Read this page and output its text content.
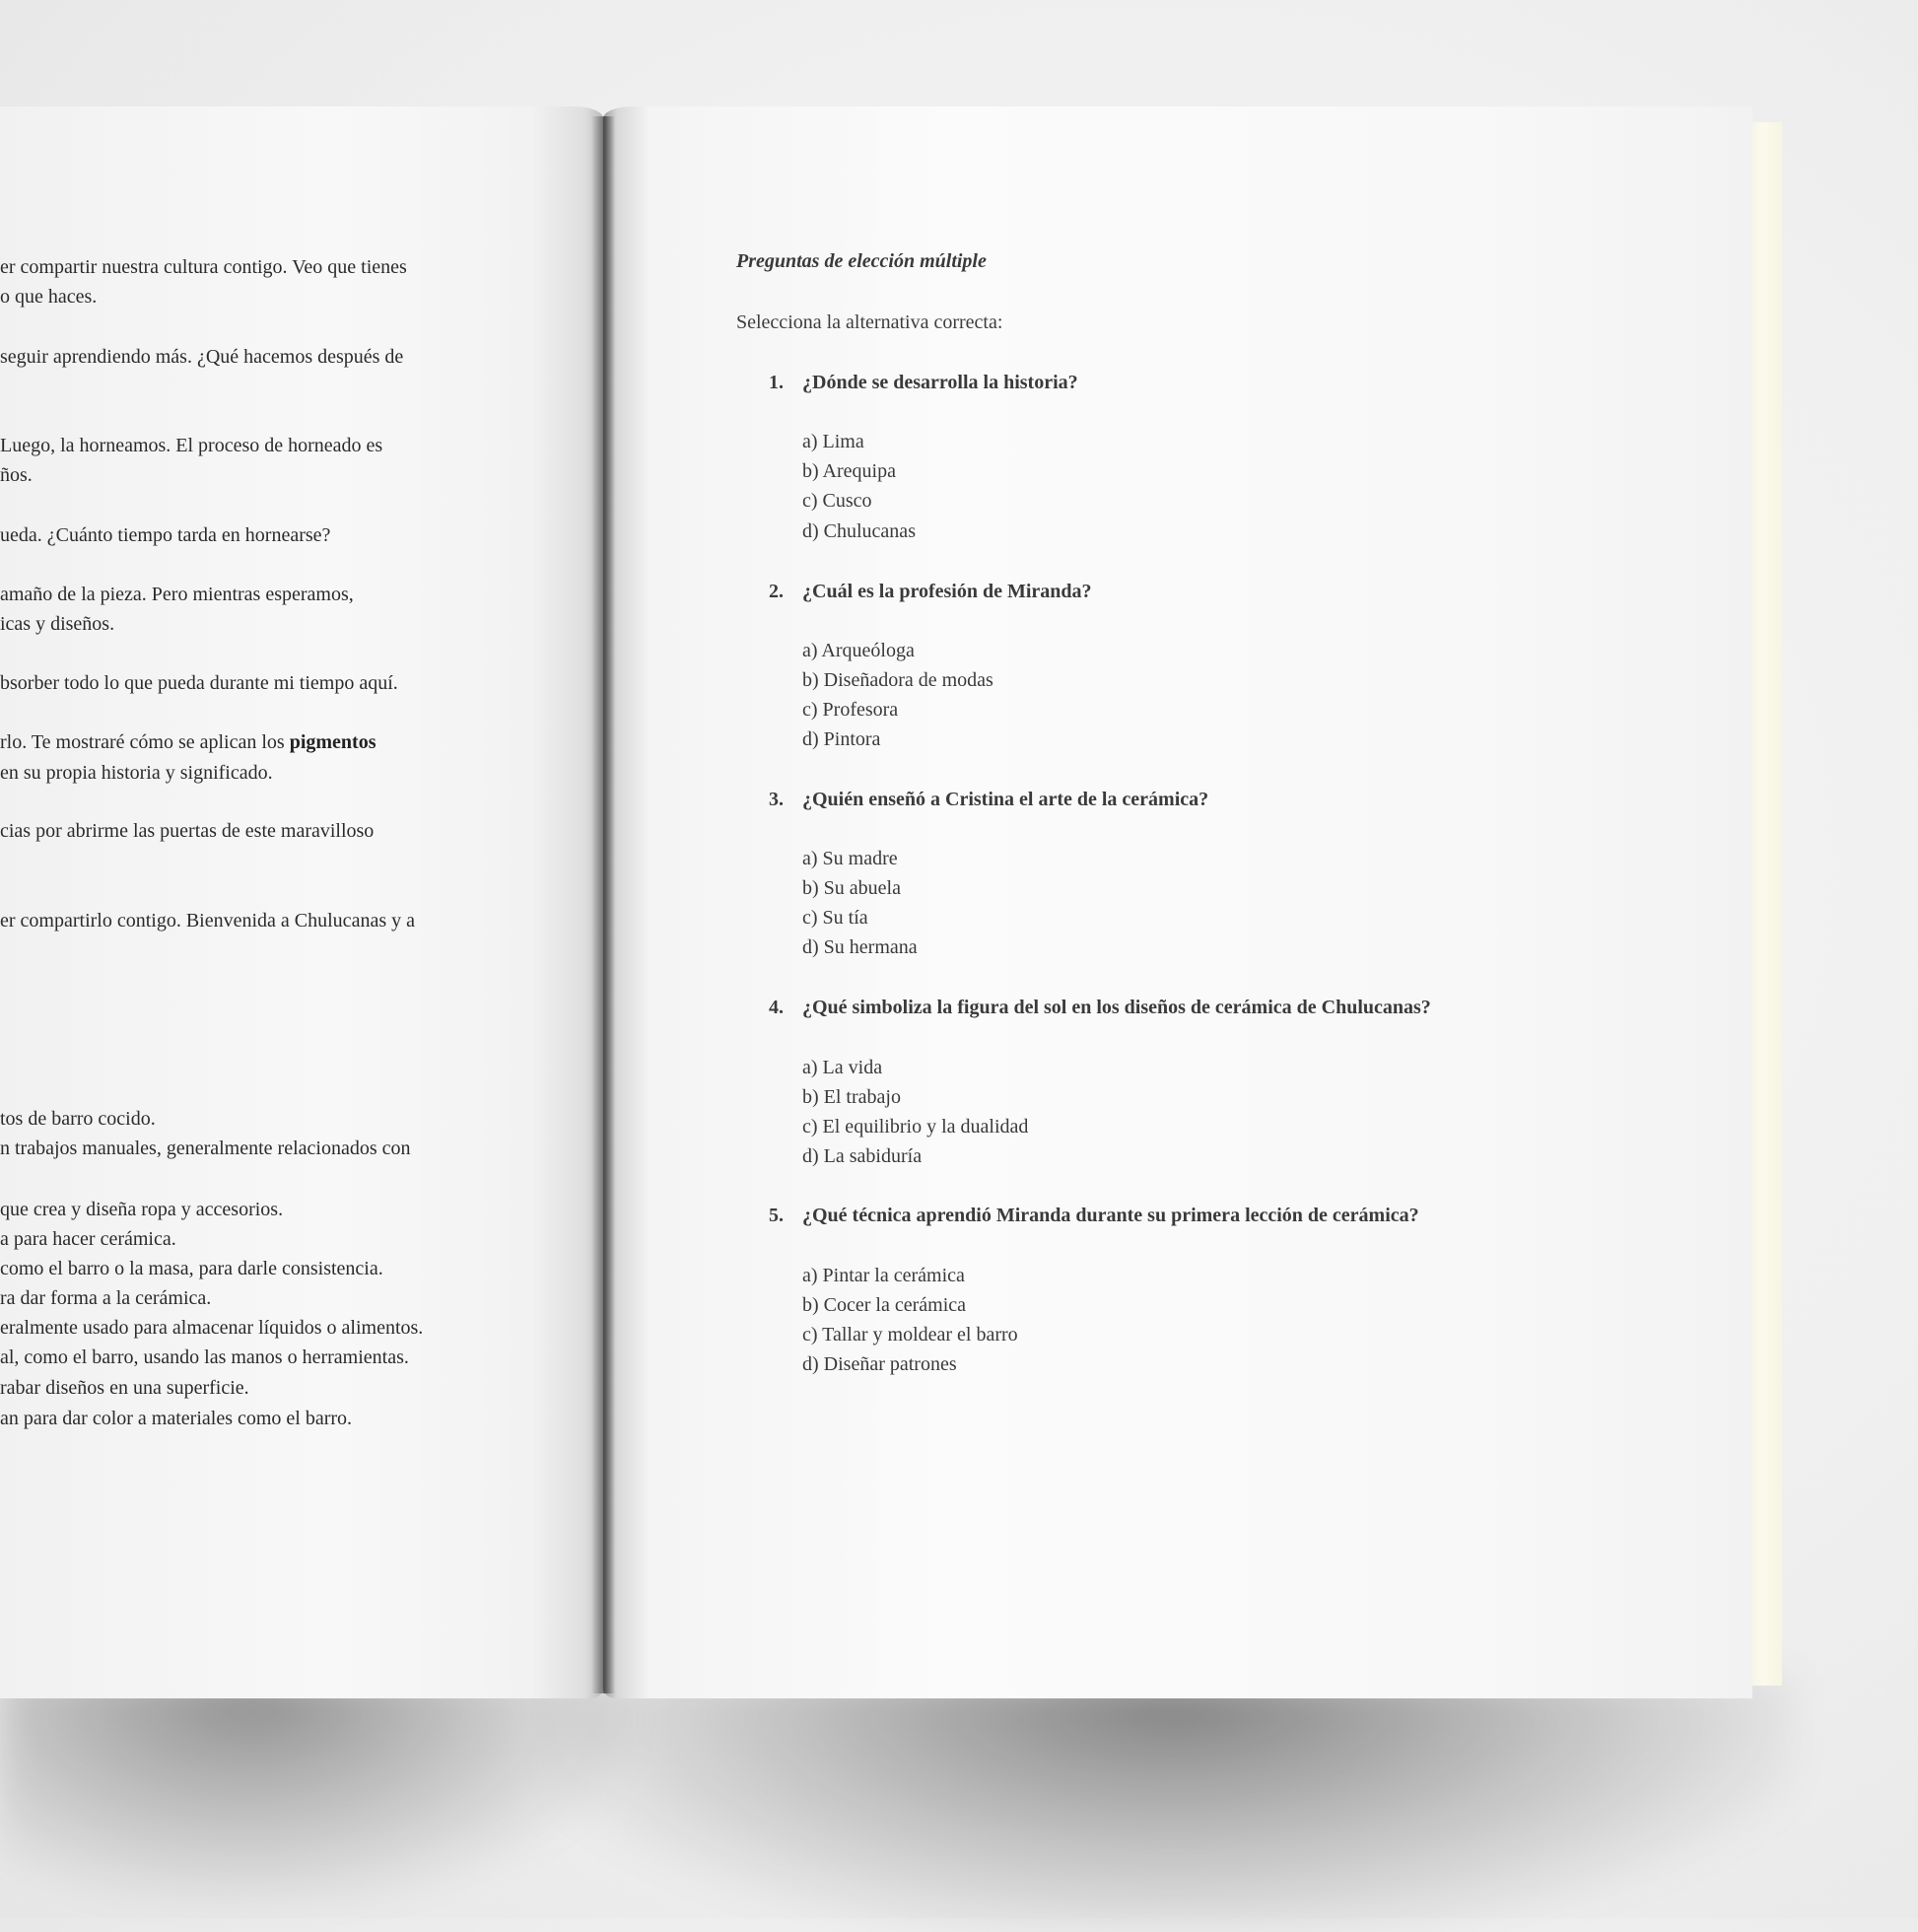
er compartir nuestra cultura contigo. Veo que tienes
o que haces.
seguir aprendiendo más. ¿Qué hacemos después de
Luego, la horneamos. El proceso de horneado es
ños.
ueda. ¿Cuánto tiempo tarda en hornearse?
amaño de la pieza. Pero mientras esperamos,
icas y diseños.
bsorber todo lo que pueda durante mi tiempo aquí.
rlo. Te mostraré cómo se aplican los pigmentos
en su propia historia y significado.
cias por abrirme las puertas de este maravilloso
er compartirlo contigo. Bienvenida a Chulucanas y a
tos de barro cocido.
n trabajos manuales, generalmente relacionados con
que crea y diseña ropa y accesorios.
a para hacer cerámica.
como el barro o la masa, para darle consistencia.
ra dar forma a la cerámica.
eralmente usado para almacenar líquidos o alimentos.
al, como el barro, usando las manos o herramientas.
rabar diseños en una superficie.
an para dar color a materiales como el barro.
Preguntas de elección múltiple
Selecciona la alternativa correcta:
1. ¿Dónde se desarrolla la historia?
a) Lima
b) Arequipa
c) Cusco
d) Chulucanas
2. ¿Cuál es la profesión de Miranda?
a) Arqueóloga
b) Diseñadora de modas
c) Profesora
d) Pintora
3. ¿Quién enseñó a Cristina el arte de la cerámica?
a) Su madre
b) Su abuela
c) Su tía
d) Su hermana
4. ¿Qué simboliza la figura del sol en los diseños de cerámica de Chulucanas?
a) La vida
b) El trabajo
c) El equilibrio y la dualidad
d) La sabiduría
5. ¿Qué técnica aprendió Miranda durante su primera lección de cerámica?
a) Pintar la cerámica
b) Cocer la cerámica
c) Tallar y moldear el barro
d) Diseñar patrones
